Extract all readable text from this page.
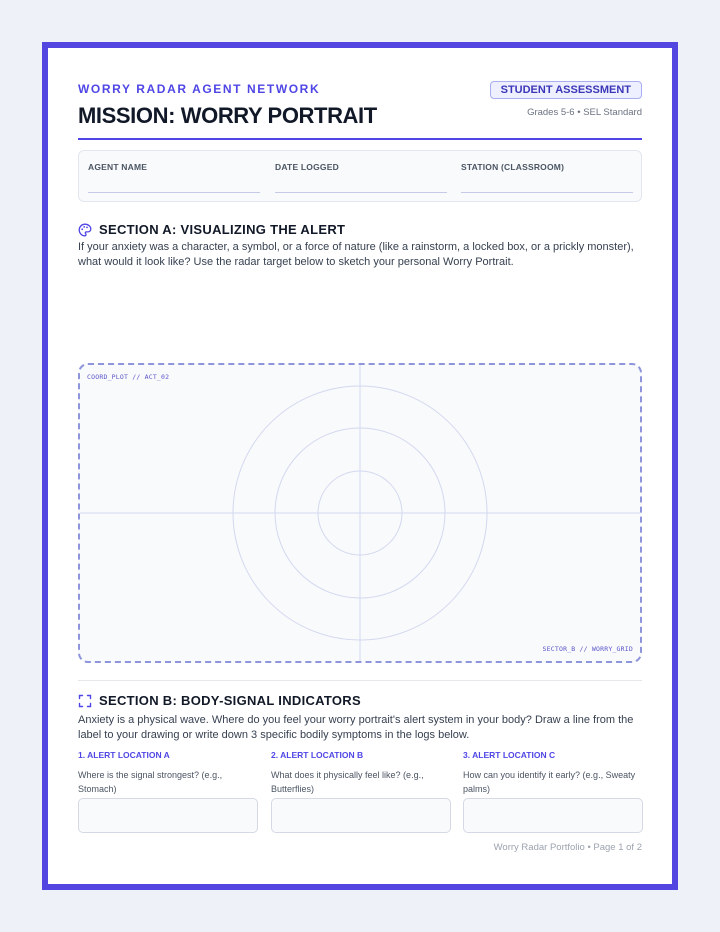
WORRY RADAR AGENT NETWORK
MISSION: WORRY PORTRAIT
STUDENT ASSESSMENT
Grades 5-6 • SEL Standard
AGENT NAME	DATE LOGGED	STATION (CLASSROOM)
SECTION A: VISUALIZING THE ALERT
If your anxiety was a character, a symbol, or a force of nature (like a rainstorm, a locked box, or a prickly monster), what would it look like? Use the radar target below to sketch your personal Worry Portrait.
COORD_PLOT // ACT_02
SECTOR_B // WORRY_GRID
SECTION B: BODY-SIGNAL INDICATORS
Anxiety is a physical wave. Where do you feel your worry portrait's alert system in your body? Draw a line from the label to your drawing or write down 3 specific bodily symptoms in the logs below.
1. ALERT LOCATION A
Where is the signal strongest? (e.g., Stomach)
2. ALERT LOCATION B
What does it physically feel like? (e.g., Butterflies)
3. ALERT LOCATION C
How can you identify it early? (e.g., Sweaty palms)
Worry Radar Portfolio • Page 1 of 2
